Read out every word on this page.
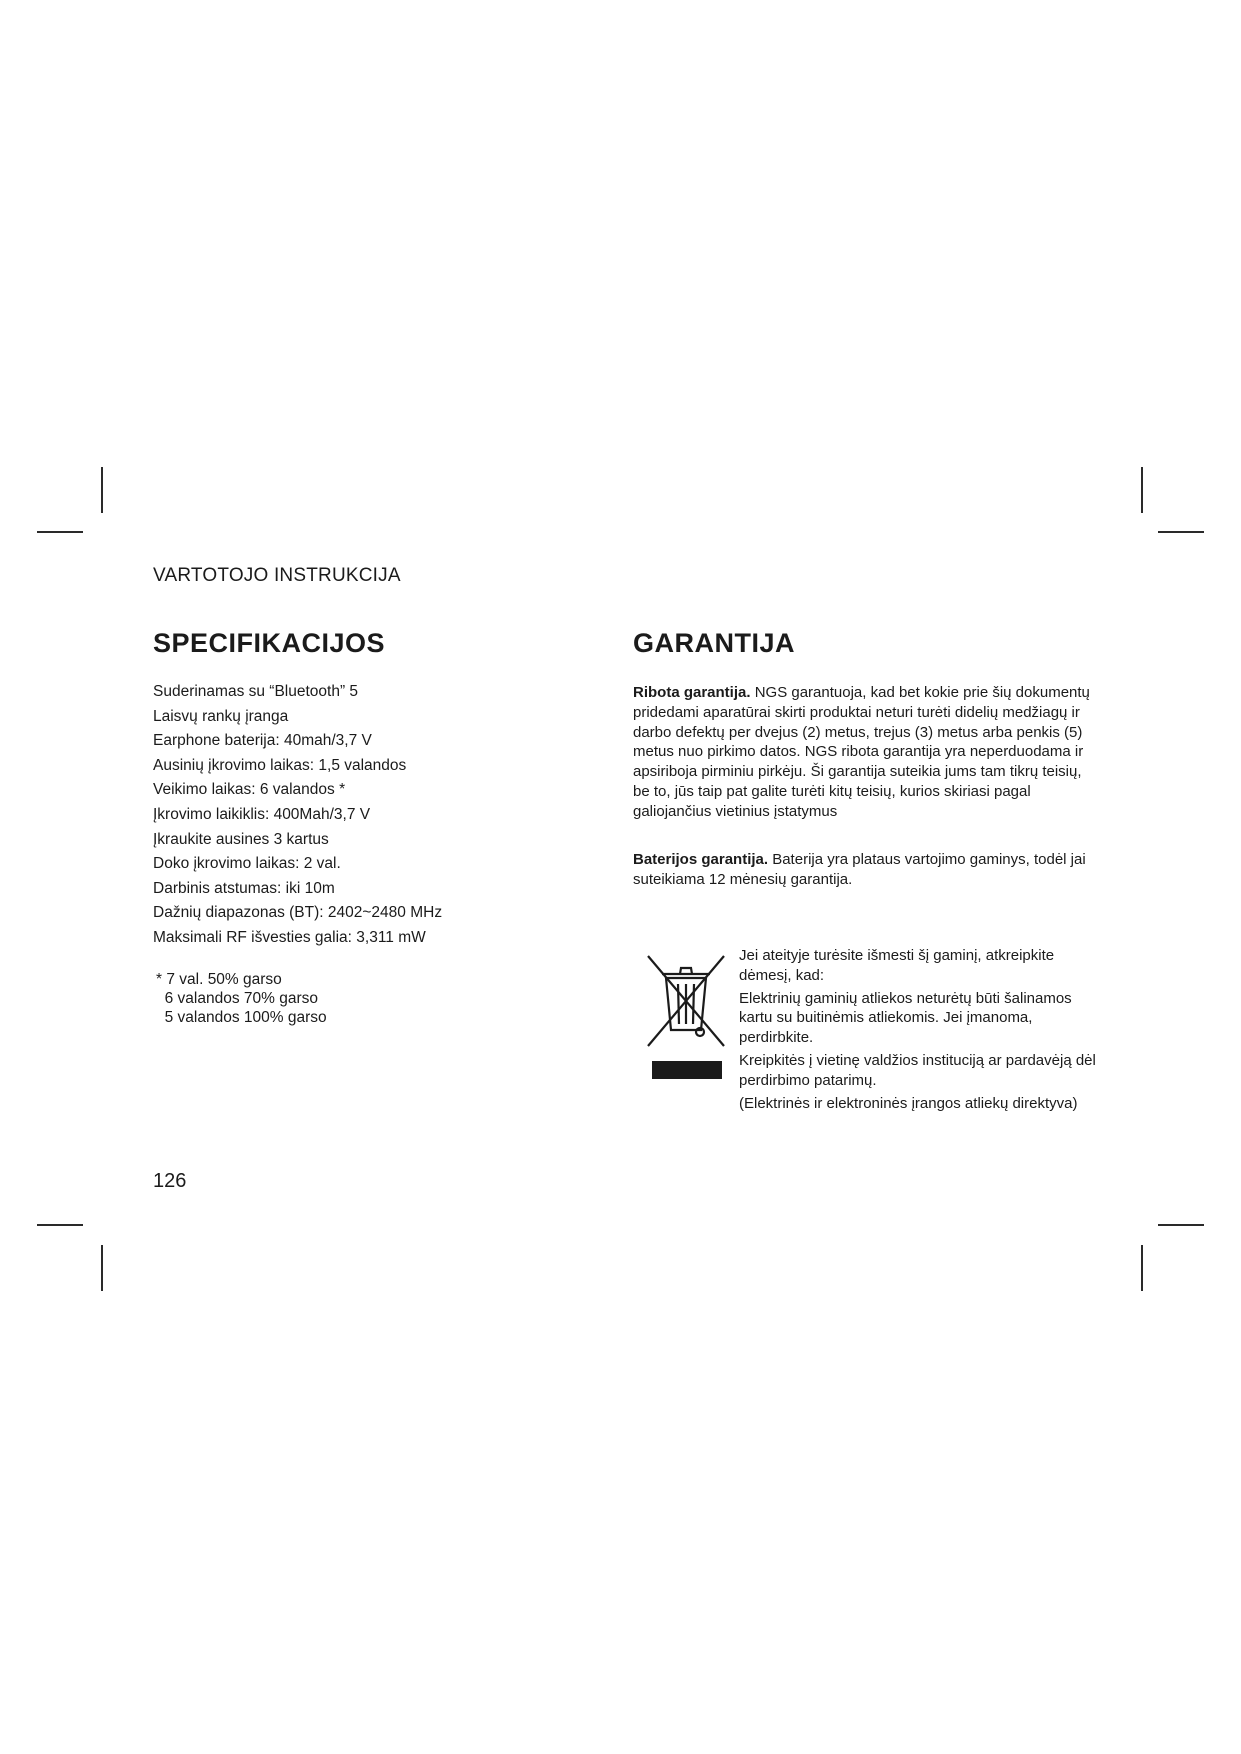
VARTOTOJO INSTRUKCIJA
SPECIFIKACIJOS
Suderinamas su “Bluetooth” 5
Laisvų rankų įranga
Earphone baterija: 40mah/3,7 V
Ausinių įkrovimo laikas: 1,5 valandos
Veikimo laikas: 6 valandos *
Įkrovimo laikiklis: 400Mah/3,7 V
Įkraukite ausines 3 kartus
Doko įkrovimo laikas: 2 val.
Darbinis atstumas: iki 10m
Dažnių diapazonas (BT): 2402~2480 MHz
Maksimali RF išvesties galia: 3,311 mW
* 7 val. 50% garso
6 valandos 70% garso
5 valandos 100% garso
GARANTIJA

Ribota garantija. NGS garantuoja, kad bet kokie prie šių dokumentų pridedami aparatūrai skirti produktai neturi turėti didelių medžiagų ir darbo defektų per dvejus (2) metus, trejus (3) metus arba penkis (5) metus nuo pirkimo datos. NGS ribota garantija yra neperduodama ir apsiriboja pirminiu pirkėju. Ši garantija suteikia jums tam tikrų teisių, be to, jūs taip pat galite turėti kitų teisių, kurios skiriasi pagal galiojančius vietinius įstatymus

Baterijos garantija. Baterija yra plataus vartojimo gaminys, todėl jai suteikiama 12 mėnesių garantija.

Jei ateityje turėsite išmesti šį gaminį, atkreipkite dėmesį, kad:

Elektrinių gaminių atliekos neturėtų būti šalinamos kartu su buitinėmis atliekomis. Jei įmanoma, perdirbkite.

Kreipkitės į vietinę valdžios instituciją ar pardavėją dėl perdirbimo patarimų.

(Elektrinės ir elektroninės įrangos atliekų direktyva)

126
